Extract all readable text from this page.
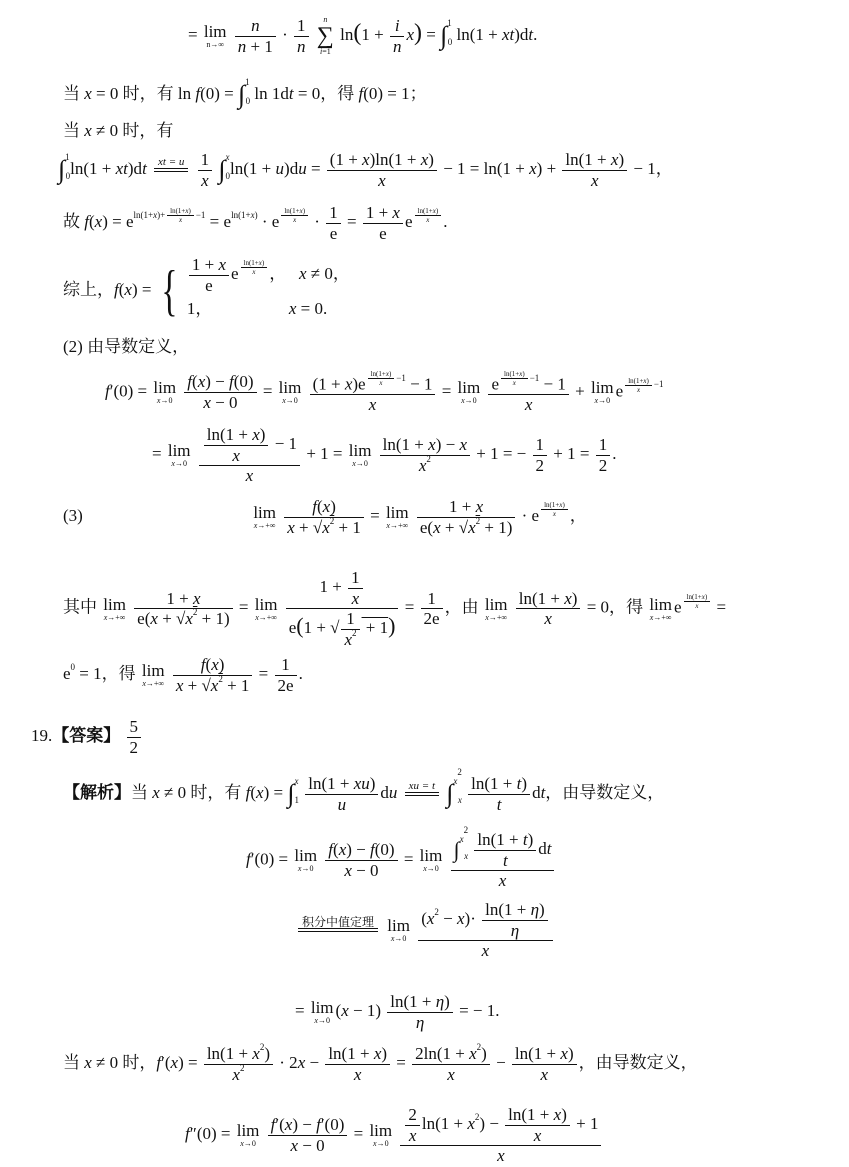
= lim
n→∞
$\frac{n}{n + 1} \cdot \frac{1}{n}$
	n
∑
i=1
$\ln(1 + \frac{i}{n} x) = \int^1_0$ ln(1 + xt)dt.
当 x = 0 时，有 ln f(0) = ∫$^1_0$ ln 1dt = 0，得 f(0) = 1；
当 x ≠ 0 时，有
∫$^1_0$ln(1 + xt)dt	xt = u

$\frac{1}{x} \int^x_0\ln(1 + u)du = \frac{(1 + x)\ln(1 + x)}{x} - 1 = \ln(1 + x) + \frac{\ln(1 + x)}{x} - 1$，
故 $f(x) = e^{ln(1+x)+ \frac{\ln(1+x)}{x} -1} = e^{ln(1+x)} \cdot e$ $^{\frac{\ln(1+x)}{x}} \cdot \frac{1}{e} = \frac{1 + x}{e}$ e $^{\frac{\ln(1+x)}{x}}$ .
综上，f(x) = { $\frac{1 + x}{e}$ e $^{\frac{\ln(1+x)}{x}}$ ，   x ≠ 0，
1，                  x = 0.
(2) 由导数定义，
f′(0) = lim
x→0
$\frac{f(x) - f(0)}{x - 0} = \lim$
x→0
(1 + x)e $^{\frac{\ln(1+x)}{x} -1}$ − 1
x = lim
x→0
e $^{\frac{\ln(1+x)}{x} -1}$ − 1
x + lim
x→0
e $^{\frac{\ln(1+x)}{x} -1}$
= lim
x→0
$\frac{\frac{\ln(1 + x)}{x} - 1}{x} + 1 = \lim$
x→0
$\frac{\ln(1 + x) - x}{x^2} + 1$ = − $\frac{1}{2} + 1 = \frac{1}{2}$ .
(3)	lim
x→+∞
$\frac{f(x)}{x + √x^2 + 1} = \lim$
x→+∞
$\frac{1 + x}{e(x + √x^2 + 1)} \cdot e$ $^{\frac{\ln(1+x)}{x}}$ ，
其中 lim
x→+∞
$\frac{1 + x}{e(x + √x^2 + 1)} = \lim$
x→+∞
$\frac{1 + \frac{1}{x}}{e(1 + √ \frac{1}{x^2} + 1)} = \frac{1}{2e}$ ，由 lim
x→+∞
$\frac{\ln(1 + x)}{x} = 0$，得 lim
x→+∞
e $^{\frac{\ln(1+x)}{x}}$ =
$e^0 = 1$，得 lim
x→+∞
$\frac{f(x)}{x + √x^2 + 1} = \frac{1}{2e}$ .
19.【答案】 $\frac{5}{2}$
【解析】当 x ≠ 0 时，有 $f(x) = \int^x_1 \frac{\ln(1 + xu)}{u}$ du	xu = t
$\int^{x^2}_x \frac{\ln(1 + t)}{t}$ dt，由导数定义，
f′(0) = lim
x→0
$\frac{f(x) - f(0)}{x - 0} = \lim$
x→0
$\frac{\int^{x^2}_x \frac{\ln(1 + t)}{t} dt}{x}$
积分中值定理
lim
x→0
$\frac{(x^2 - x)\cdot \frac{\ln(1 + \eta)}{\eta}}{x}$
= lim
x→0
$(x - 1) \frac{\ln(1 + \eta)}{\eta}$ = − 1.
当 x ≠ 0 时，$f'(x) = \frac{\ln(1 + x^2)}{x^2} \cdot 2x - \frac{\ln(1 + x)}{x} = \frac{2\ln(1 + x^2)}{x} - \frac{\ln(1 + x)}{x}$ ，由导数定义，
f″(0) = lim
x→0
$\frac{f'(x) - f'(0)}{x - 0} = \lim$
x→0
$\frac{\frac{2}{x} \ln(1 + x^2) - \frac{\ln(1 + x)}{x} + 1}{x}$
